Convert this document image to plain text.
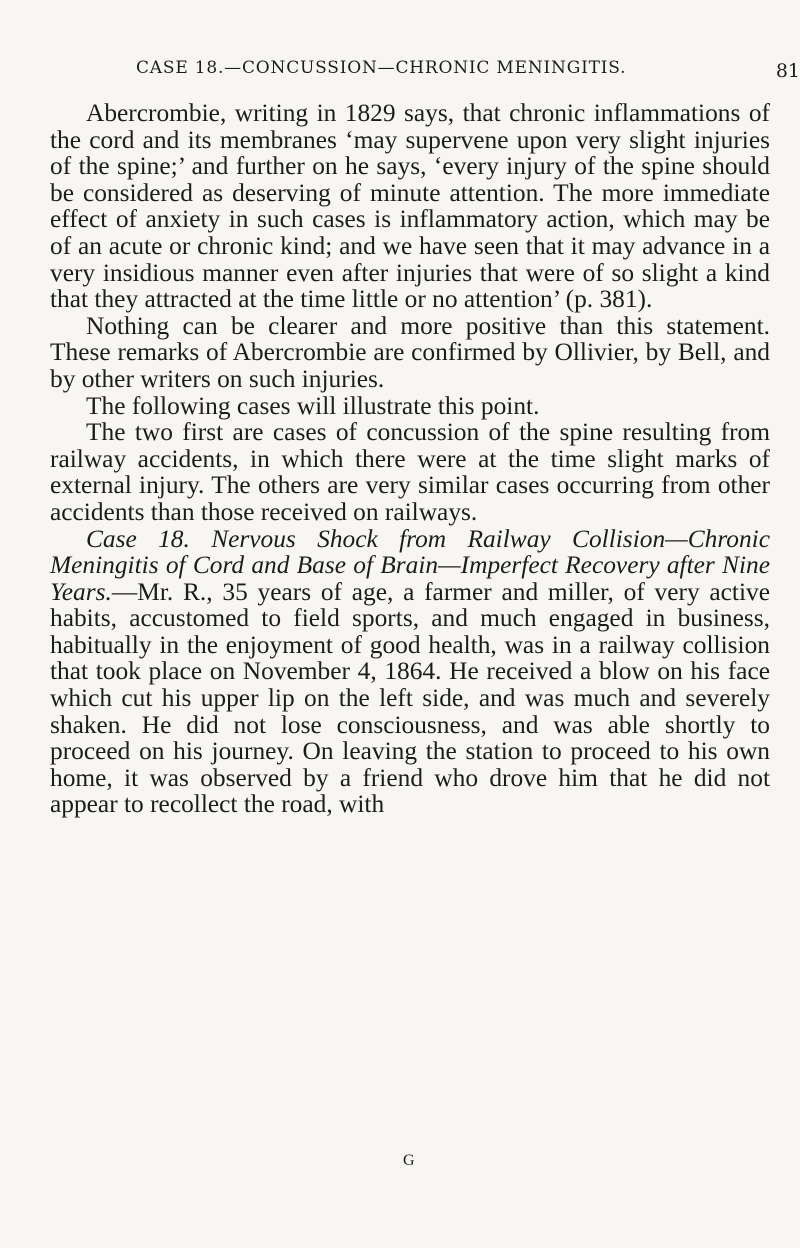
CASE 18.—CONCUSSION—CHRONIC MENINGITIS.	81

Abercrombie, writing in 1829 says, that chronic inflammations of the cord and its membranes ‘may supervene upon very slight injuries of the spine;’ and further on he says, ‘every injury of the spine should be considered as deserving of minute attention. The more immediate effect of anxiety in such cases is inflammatory action, which may be of an acute or chronic kind; and we have seen that it may advance in a very insidious manner even after injuries that were of so slight a kind that they attracted at the time little or no attention’ (p. 381).

Nothing can be clearer and more positive than this statement. These remarks of Abercrombie are confirmed by Ollivier, by Bell, and by other writers on such injuries.

The following cases will illustrate this point.

The two first are cases of concussion of the spine resulting from railway accidents, in which there were at the time slight marks of external injury. The others are very similar cases occurring from other accidents than those received on railways.

Case 18. Nervous Shock from Railway Collision—Chronic Meningitis of Cord and Base of Brain—Imperfect Recovery after Nine Years.—Mr. R., 35 years of age, a farmer and miller, of very active habits, accustomed to field sports, and much engaged in business, habitually in the enjoyment of good health, was in a railway collision that took place on November 4, 1864. He received a blow on his face which cut his upper lip on the left side, and was much and severely shaken. He did not lose consciousness, and was able shortly to proceed on his journey. On leaving the station to proceed to his own home, it was observed by a friend who drove him that he did not appear to recollect the road, with

G
